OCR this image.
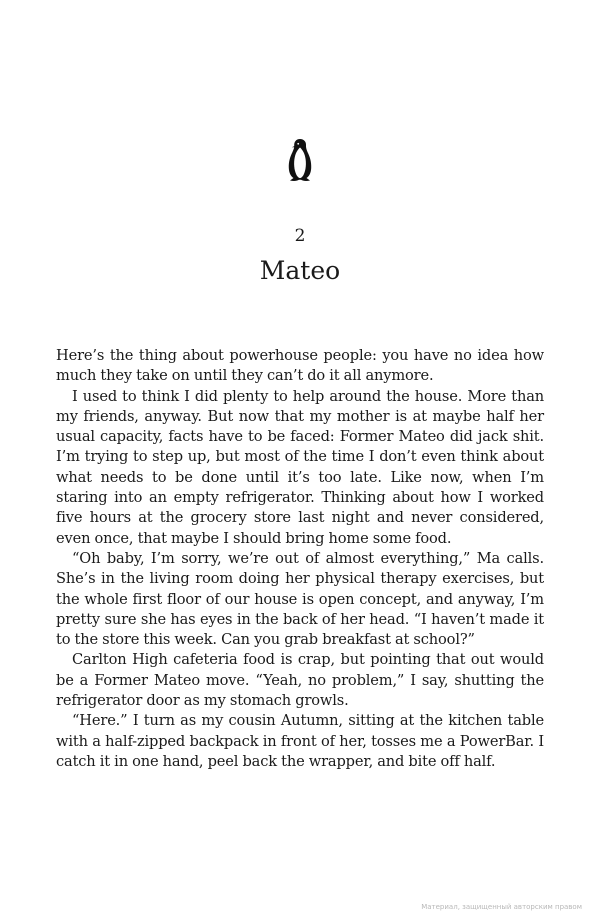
2
Mateo

Here’s the thing about powerhouse people: you have no idea how much they take on until they can’t do it all anymore.

I used to think I did plenty to help around the house. More than my friends, anyway. But now that my mother is at maybe half her usual capacity, facts have to be faced: Former Mateo did jack shit. I’m trying to step up, but most of the time I don’t even think about what needs to be done until it’s too late. Like now, when I’m staring into an empty refrigerator. Thinking about how I worked five hours at the grocery store last night and never considered, even once, that maybe I should bring home some food.

“Oh baby, I’m sorry, we’re out of almost everything,” Ma calls. She’s in the living room doing her physical therapy exercises, but the whole first floor of our house is open concept, and anyway, I’m pretty sure she has eyes in the back of her head. “I haven’t made it to the store this week. Can you grab breakfast at school?”

Carlton High cafeteria food is crap, but pointing that out would be a Former Mateo move. “Yeah, no problem,” I say, shutting the refrigerator door as my stomach growls.

“Here.” I turn as my cousin Autumn, sitting at the kitchen table with a half-zipped backpack in front of her, tosses me a PowerBar. I catch it in one hand, peel back the wrapper, and bite off half.

Материал, защищенный авторским правом
